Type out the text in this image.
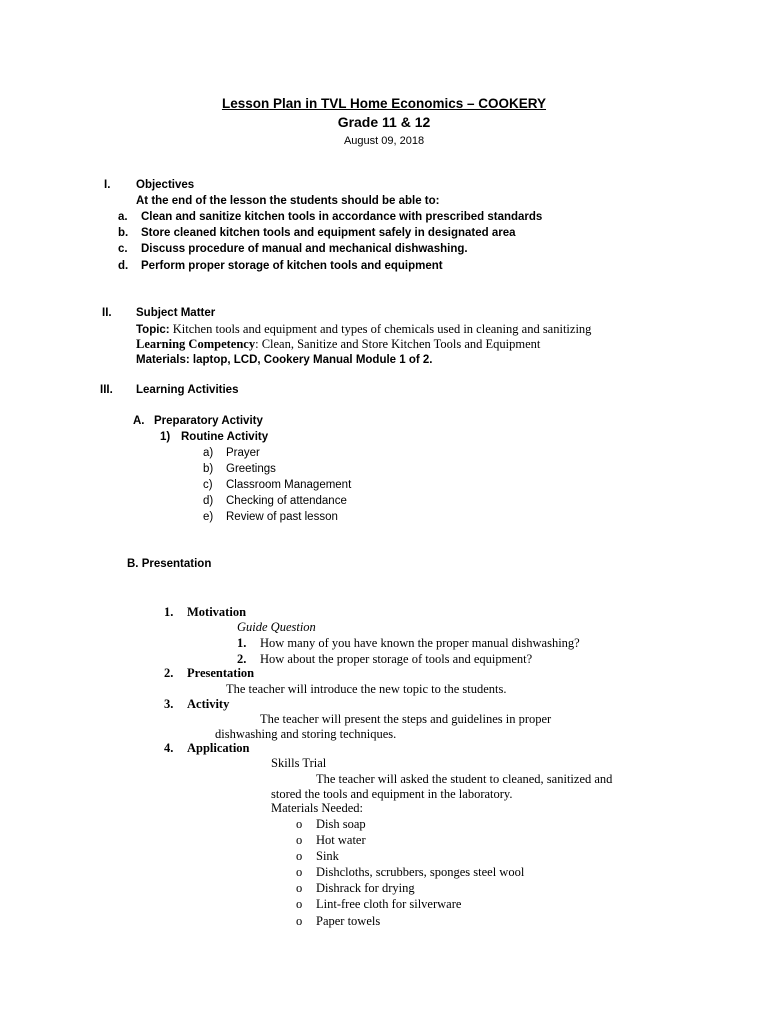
Lesson Plan in TVL Home Economics – COOKERY
Grade 11 & 12
August 09, 2018
I. Objectives
At the end of the lesson the students should be able to:
a. Clean and sanitize kitchen tools in accordance with prescribed standards
b. Store cleaned kitchen tools and equipment safely in designated area
c. Discuss procedure of manual and mechanical dishwashing.
d. Perform proper storage of kitchen tools and equipment
II. Subject Matter
Topic: Kitchen tools and equipment and types of chemicals used in cleaning and sanitizing
Learning Competency: Clean, Sanitize and Store Kitchen Tools and Equipment
Materials: laptop, LCD, Cookery Manual Module 1 of 2.
III. Learning Activities
A. Preparatory Activity
1) Routine Activity
a) Prayer
b) Greetings
c) Classroom Management
d) Checking of attendance
e) Review of past lesson
B. Presentation
1. Motivation
Guide Question
1. How many of you have known the proper manual dishwashing?
2. How about the proper storage of tools and equipment?
2. Presentation
The teacher will introduce the new topic to the students.
3. Activity
The teacher will present the steps and guidelines in proper
dishwashing and storing techniques.
4. Application
Skills Trial
The teacher will asked the student to cleaned, sanitized and
stored the tools and equipment in the laboratory.
Materials Needed:
o Dish soap
o Hot water
o Sink
o Dishcloths, scrubbers, sponges steel wool
o Dishrack for drying
o Lint-free cloth for silverware
o Paper towels
